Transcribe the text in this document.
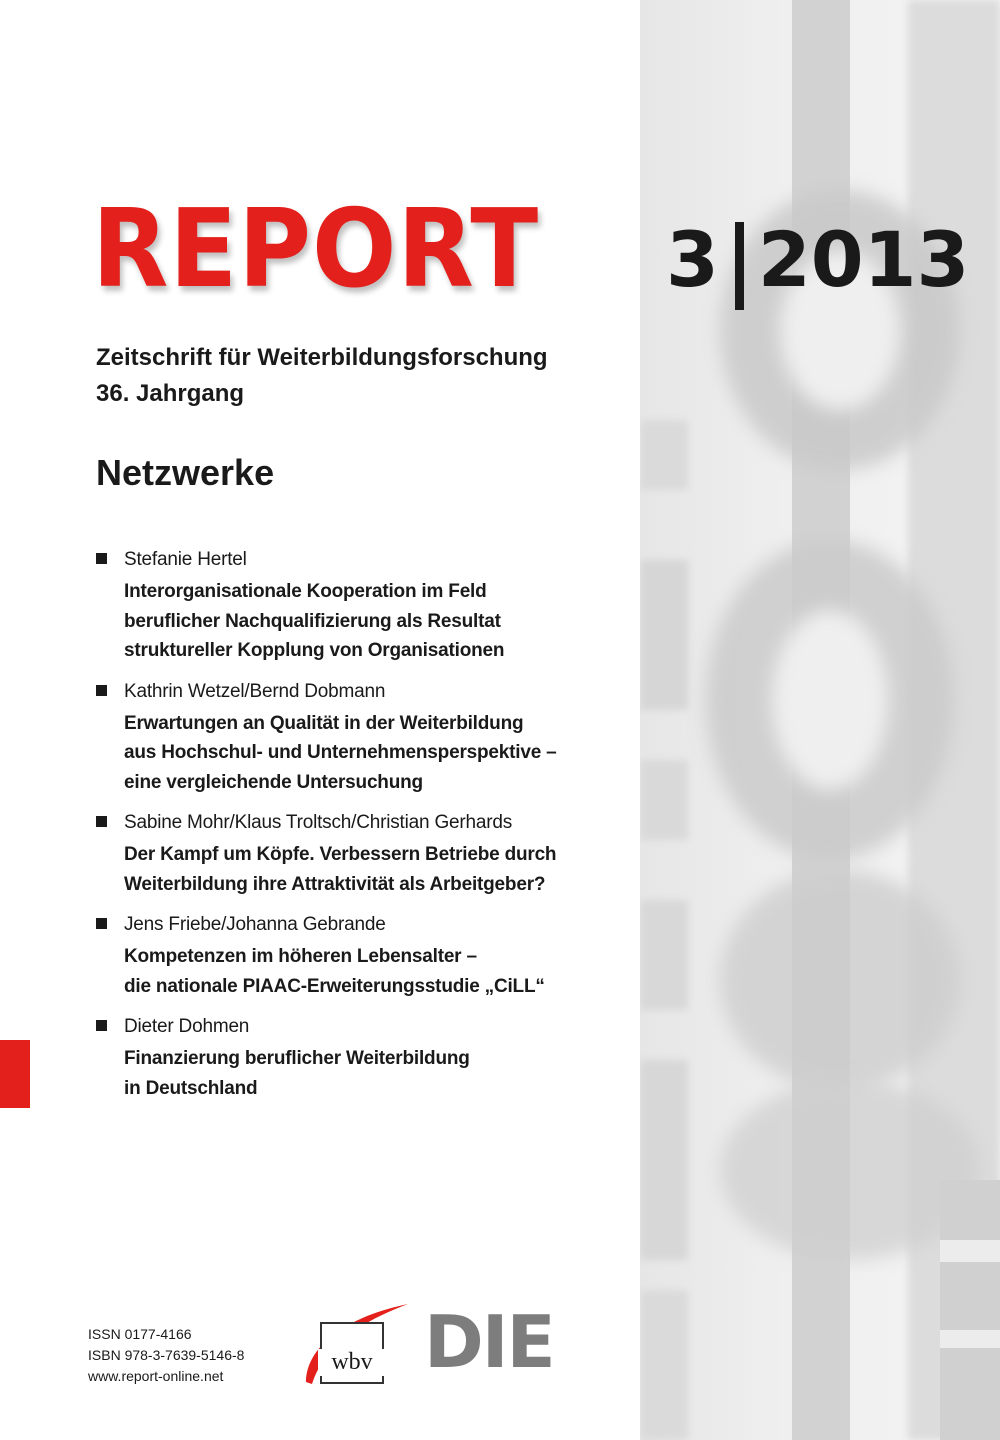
REPORT 3 2013
Zeitschrift für Weiterbildungsforschung
36. Jahrgang
Netzwerke
Stefanie Hertel
Interorganisationale Kooperation im Feld
beruflicher Nachqualifizierung als Resultat
struktureller Kopplung von Organisationen
Kathrin Wetzel/Bernd Dobmann
Erwartungen an Qualität in der Weiterbildung
aus Hochschul- und Unternehmensperspektive –
eine vergleichende Untersuchung
Sabine Mohr/Klaus Troltsch/Christian Gerhards
Der Kampf um Köpfe. Verbessern Betriebe durch
Weiterbildung ihre Attraktivität als Arbeitgeber?
Jens Friebe/Johanna Gebrande
Kompetenzen im höheren Lebensalter –
die nationale PIAAC-Erweiterungsstudie „CiLL“
Dieter Dohmen
Finanzierung beruflicher Weiterbildung
in Deutschland
ISSN 0177-4166
ISBN 978-3-7639-5146-8
www.report-online.net
wbv DIE
